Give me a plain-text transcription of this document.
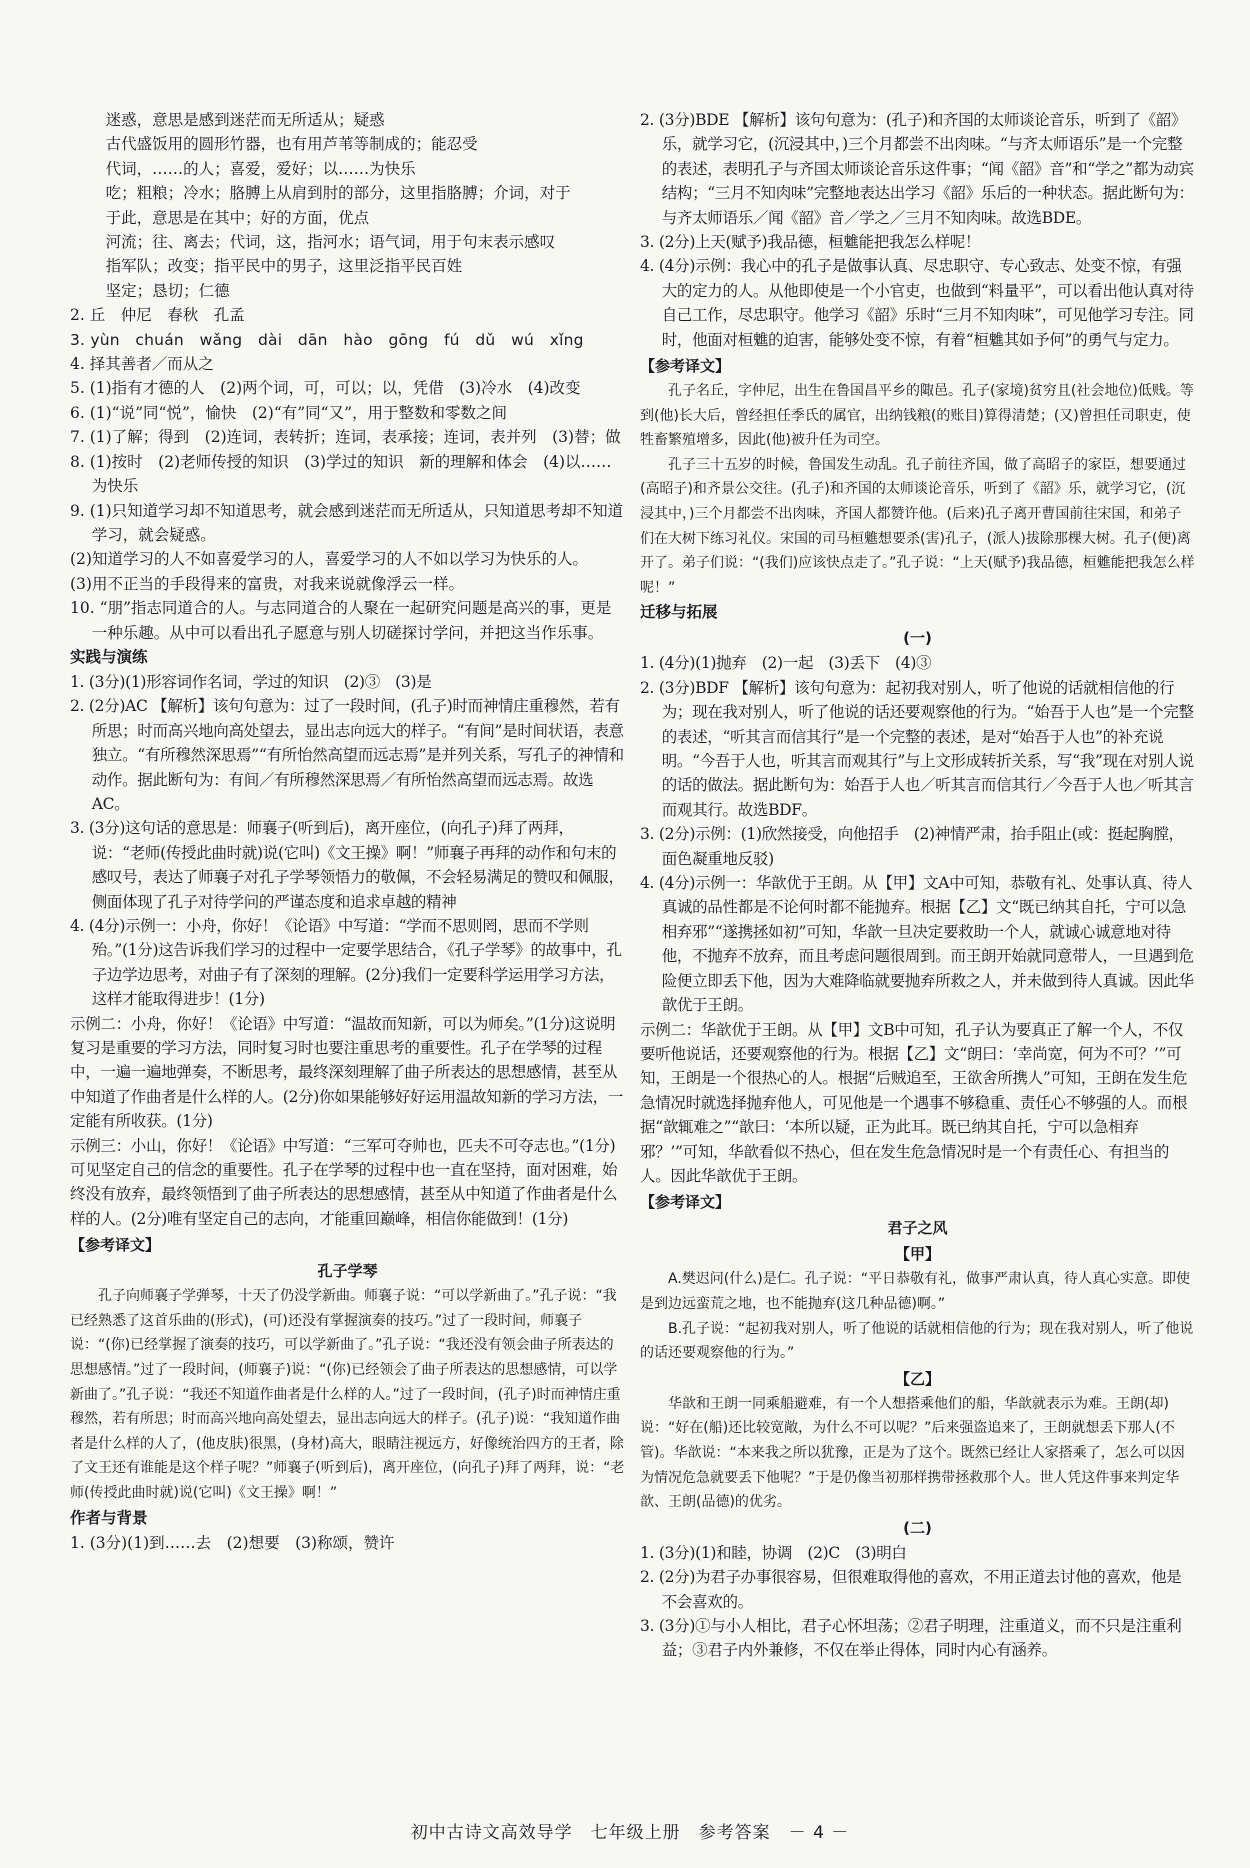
迷惑，意思是感到迷茫而无所适从；疑惑

古代盛饭用的圆形竹器，也有用芦苇等制成的；能忍受

代词，……的人；喜爱，爱好；以……为快乐

吃；粗粮；冷水；胳膊上从肩到肘的部分，这里指胳膊；介词，对于

于此，意思是在其中；好的方面，优点

河流；往、离去；代词，这，指河水；语气词，用于句末表示感叹

指军队；改变；指平民中的男子，这里泛指平民百姓

坚定；恳切；仁德

2. 丘　仲尼　春秋　孔孟

3. yùn　chuán　wǎng　dài　dān　hào　gōng　fú　dǔ　wú　xǐng

4. 择其善者／而从之

5. (1)指有才德的人　(2)两个词，可，可以；以，凭借　(3)冷水　(4)改变

6. (1)“说”同“悦”，愉快　(2)“有”同“又”，用于整数和零数之间

7. (1)了解；得到　(2)连词，表转折；连词，表承接；连词，表并列　(3)替；做

8. (1)按时　(2)老师传授的知识　(3)学过的知识　新的理解和体会　(4)以……为快乐

9. (1)只知道学习却不知道思考，就会感到迷茫而无所适从，只知道思考却不知道学习，就会疑惑。

(2)知道学习的人不如喜爱学习的人，喜爱学习的人不如以学习为快乐的人。

(3)用不正当的手段得来的富贵，对我来说就像浮云一样。

10. “朋”指志同道合的人。与志同道合的人聚在一起研究问题是高兴的事，更是一种乐趣。从中可以看出孔子愿意与别人切磋探讨学问，并把这当作乐事。

实践与演练

1. (3分)(1)形容词作名词，学过的知识　(2)③　(3)是

2. (2分)AC 【解析】该句句意为：过了一段时间，(孔子)时而神情庄重穆然，若有所思；时而高兴地向高处望去，显出志向远大的样子。“有间”是时间状语，表意独立。“有所穆然深思焉”“有所怡然高望而远志焉”是并列关系，写孔子的神情和动作。据此断句为：有间／有所穆然深思焉／有所怡然高望而远志焉。故选AC。

3. (3分)这句话的意思是：师襄子(听到后)，离开座位，(向孔子)拜了两拜，说：“老师(传授此曲时就)说(它叫)《文王操》啊！”师襄子再拜的动作和句末的感叹号，表达了师襄子对孔子学琴领悟力的敬佩，不会轻易满足的赞叹和佩服，侧面体现了孔子对待学问的严谨态度和追求卓越的精神

4. (4分)示例一：小舟，你好！《论语》中写道：“学而不思则罔，思而不学则殆。”(1分)这告诉我们学习的过程中一定要学思结合，《孔子学琴》的故事中，孔子边学边思考，对曲子有了深刻的理解。(2分)我们一定要科学运用学习方法，这样才能取得进步！(1分)

示例二：小舟，你好！《论语》中写道：“温故而知新，可以为师矣。”(1分)这说明复习是重要的学习方法，同时复习时也要注重思考的重要性。孔子在学琴的过程中，一遍一遍地弹奏，不断思考，最终深刻理解了曲子所表达的思想感情，甚至从中知道了作曲者是什么样的人。(2分)你如果能够好好运用温故知新的学习方法，一定能有所收获。(1分)

示例三：小山，你好！《论语》中写道：“三军可夺帅也，匹夫不可夺志也。”(1分)可见坚定自己的信念的重要性。孔子在学琴的过程中也一直在坚持，面对困难，始终没有放弃，最终领悟到了曲子所表达的思想感情，甚至从中知道了作曲者是什么样的人。(2分)唯有坚定自己的志向，才能重回巅峰，相信你能做到！(1分)

【参考译文】

孔子学琴

孔子向师襄子学弹琴，十天了仍没学新曲。师襄子说：“可以学新曲了。”孔子说：“我已经熟悉了这首乐曲的(形式)，(可)还没有掌握演奏的技巧。”过了一段时间，师襄子说：“(你)已经掌握了演奏的技巧，可以学新曲了。”孔子说：“我还没有领会曲子所表达的思想感情。”过了一段时间，(师襄子)说：“(你)已经领会了曲子所表达的思想感情，可以学新曲了。”孔子说：“我还不知道作曲者是什么样的人。”过了一段时间，(孔子)时而神情庄重穆然，若有所思；时而高兴地向高处望去，显出志向远大的样子。(孔子)说：“我知道作曲者是什么样的人了，(他皮肤)很黑，(身材)高大，眼睛注视远方，好像统治四方的王者，除了文王还有谁能是这个样子呢？”师襄子(听到后)，离开座位，(向孔子)拜了两拜，说：“老师(传授此曲时就)说(它叫)《文王操》啊！”

作者与背景

1. (3分)(1)到……去　(2)想要　(3)称颂，赞许

2. (3分)BDE 【解析】该句句意为：(孔子)和齐国的太师谈论音乐，听到了《韶》乐，就学习它，(沉浸其中，)三个月都尝不出肉味。“与齐太师语乐”是一个完整的表述，表明孔子与齐国太师谈论音乐这件事；“闻《韶》音”和“学之”都为动宾结构；“三月不知肉味”完整地表达出学习《韶》乐后的一种状态。据此断句为：与齐太师语乐／闻《韶》音／学之／三月不知肉味。故选BDE。

3. (2分)上天(赋予)我品德，桓魋能把我怎么样呢！

4. (4分)示例：我心中的孔子是做事认真、尽忠职守、专心致志、处变不惊，有强大的定力的人。从他即使是一个小官吏，也做到“料量平”，可以看出他认真对待自己工作，尽忠职守。他学习《韶》乐时“三月不知肉味”，可见他学习专注。同时，他面对桓魋的迫害，能够处变不惊，有着“桓魋其如予何”的勇气与定力。

【参考译文】

孔子名丘，字仲尼，出生在鲁国昌平乡的陬邑。孔子(家境)贫穷且(社会地位)低贱。等到(他)长大后，曾经担任季氏的属官，出纳钱粮(的账目)算得清楚；(又)曾担任司职吏，使牲畜繁殖增多，因此(他)被升任为司空。

孔子三十五岁的时候，鲁国发生动乱。孔子前往齐国，做了高昭子的家臣，想要通过(高昭子)和齐景公交往。(孔子)和齐国的太师谈论音乐，听到了《韶》乐，就学习它，(沉浸其中，)三个月都尝不出肉味，齐国人都赞许他。(后来)孔子离开曹国前往宋国，和弟子们在大树下练习礼仪。宋国的司马桓魋想要杀(害)孔子，(派人)拔除那棵大树。孔子(便)离开了。弟子们说：“(我们)应该快点走了。”孔子说：“上天(赋予)我品德，桓魋能把我怎么样呢！”

迁移与拓展

(一)

1. (4分)(1)抛弃　(2)一起　(3)丢下　(4)③

2. (3分)BDF 【解析】该句句意为：起初我对别人，听了他说的话就相信他的行为；现在我对别人，听了他说的话还要观察他的行为。“始吾于人也”是一个完整的表述，“听其言而信其行”是一个完整的表述，是对“始吾于人也”的补充说明。“今吾于人也，听其言而观其行”与上文形成转折关系，写“我”现在对别人说的话的做法。据此断句为：始吾于人也／听其言而信其行／今吾于人也／听其言而观其行。故选BDF。

3. (2分)示例：(1)欣然接受，向他招手　(2)神情严肃，抬手阻止(或：挺起胸膛，面色凝重地反驳)

4. (4分)示例一：华歆优于王朗。从【甲】文A中可知，恭敬有礼、处事认真、待人真诚的品性都是不论何时都不能抛弃。根据【乙】文“既已纳其自托，宁可以急相弃邪”“遂携拯如初”可知，华歆一旦决定要救助一个人，就诚心诚意地对待他，不抛弃不放弃，而且考虑问题很周到。而王朗开始就同意带人，一旦遇到危险便立即丢下他，因为大难降临就要抛弃所救之人，并未做到待人真诚。因此华歆优于王朗。

示例二：华歆优于王朗。从【甲】文B中可知，孔子认为要真正了解一个人，不仅要听他说话，还要观察他的行为。根据【乙】文“朗曰：‘幸尚宽，何为不可？’”可知，王朗是一个很热心的人。根据“后贼追至，王欲舍所携人”可知，王朗在发生危急情况时就选择抛弃他人，可见他是一个遇事不够稳重、责任心不够强的人。而根据“歆辄难之”“歆曰：‘本所以疑，正为此耳。既已纳其自托，宁可以急相弃邪？’”可知，华歆看似不热心，但在发生危急情况时是一个有责任心、有担当的人。因此华歆优于王朗。

【参考译文】

君子之风

【甲】

A.樊迟问(什么)是仁。孔子说：“平日恭敬有礼，做事严肃认真，待人真心实意。即使是到边远蛮荒之地，也不能抛弃(这几种品德)啊。”

B.孔子说：“起初我对别人，听了他说的话就相信他的行为；现在我对别人，听了他说的话还要观察他的行为。”

【乙】

华歆和王朗一同乘船避难，有一个人想搭乘他们的船，华歆就表示为难。王朗(却)说：“好在(船)还比较宽敞，为什么不可以呢？”后来强盗追来了，王朗就想丢下那人(不管)。华歆说：“本来我之所以犹豫，正是为了这个。既然已经让人家搭乘了，怎么可以因为情况危急就要丢下他呢？”于是仍像当初那样携带拯救那个人。世人凭这件事来判定华歆、王朗(品德)的优劣。

(二)

1. (3分)(1)和睦，协调　(2)C　(3)明白

2. (2分)为君子办事很容易，但很难取得他的喜欢，不用正道去讨他的喜欢，他是不会喜欢的。

3. (3分)①与小人相比，君子心怀坦荡；②君子明理，注重道义，而不只是注重利益；③君子内外兼修，不仅在举止得体，同时内心有涵养。

初中古诗文高效导学　七年级上册　参考答案　－ 4 －
